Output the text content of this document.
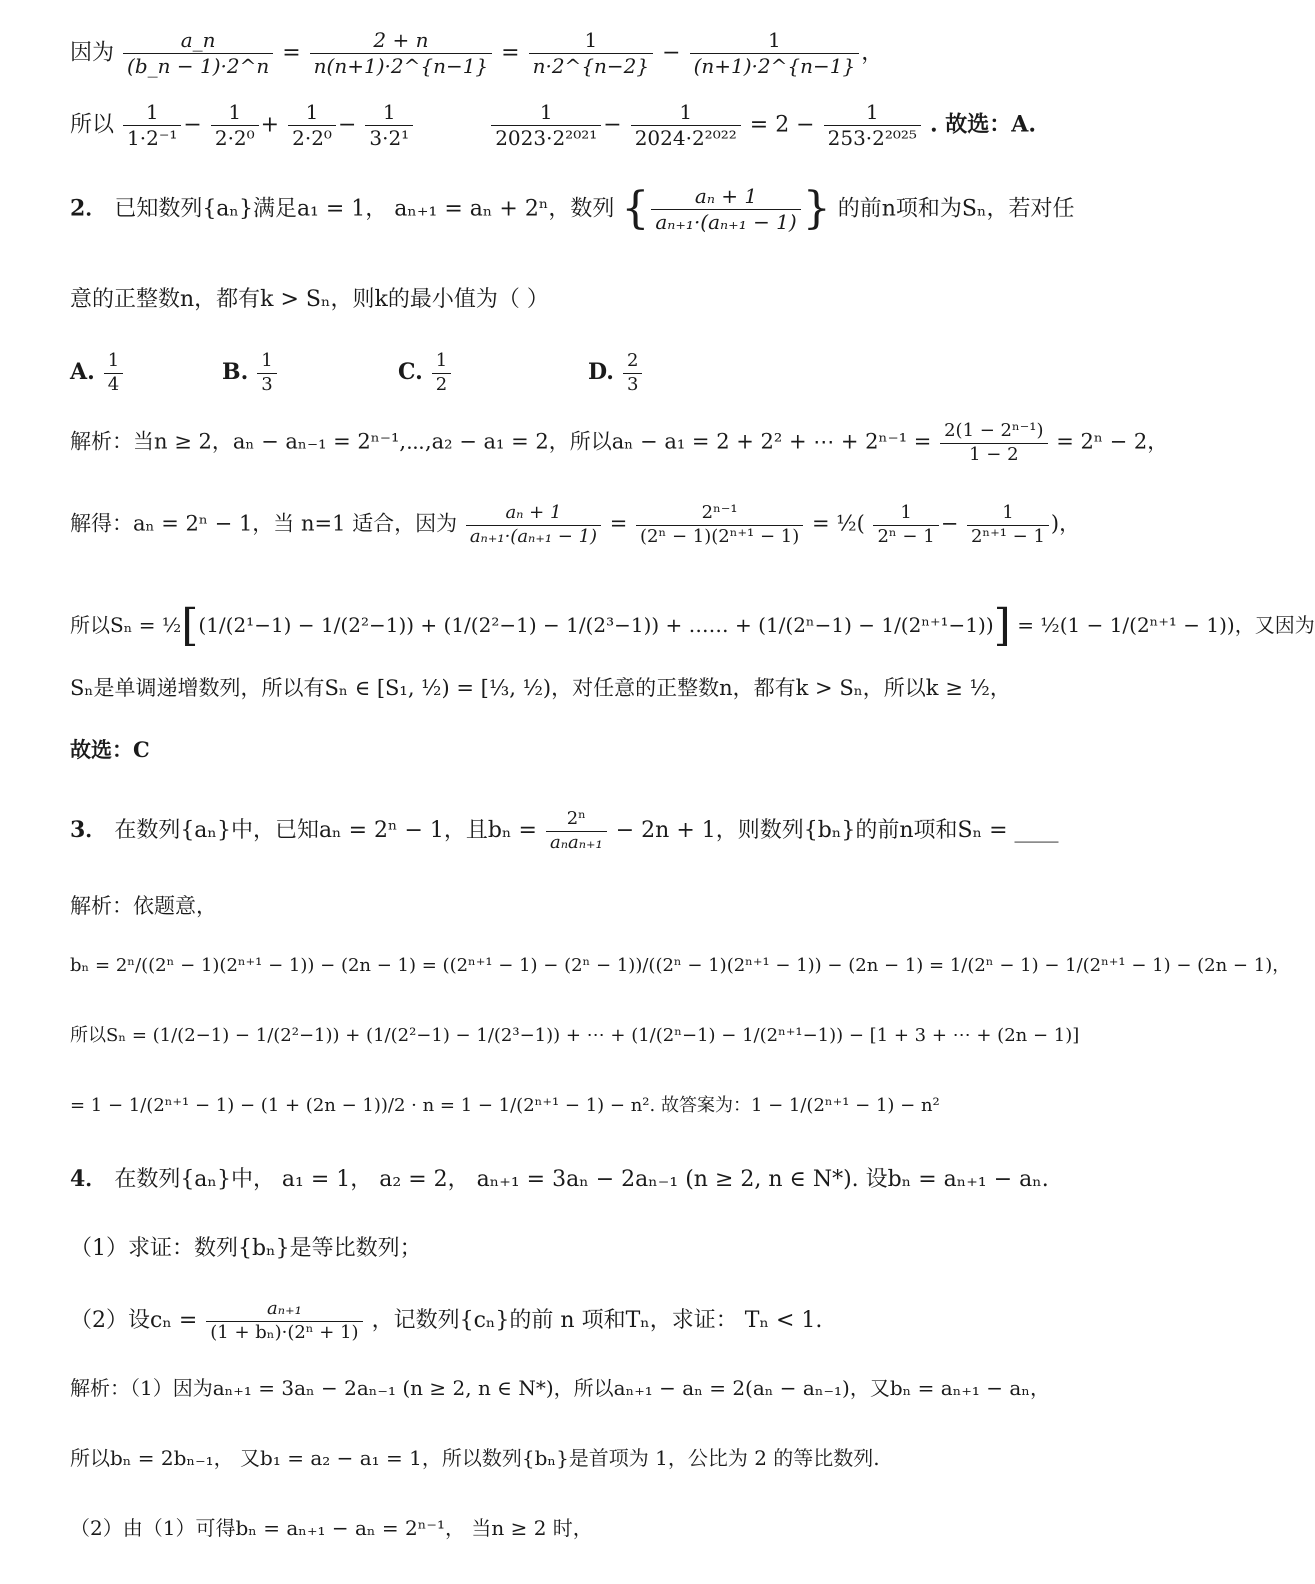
因为 $\frac{a\_n}{(b\_n - 1)\cdot 2\^{}n} = \frac{2 + n}{n(n+1)\cdot 2\^{}\{n-1\}} = \frac{1}{n\cdot 2\^{}\{n-2\}} - \frac{1}{(n+1)\cdot 2\^{}\{n-1\}}$ ，
所以 $\frac{1}{\text{1·2⁻¹}} - \frac{1}{\text{2·2⁰}} + \frac{1}{\text{2·2⁰}} - \frac{1}{\text{3·2¹}}$
	$\frac{1}{\text{2023·2²⁰²¹}} - \frac{1}{\text{2024·2²⁰²²}} = 2 - \frac{1}{\text{253·2²⁰²⁵}}$ . 故选：A.
2． 已知数列{aₙ}满足a₁ = 1， aₙ₊₁ = aₙ + 2ⁿ，数列 { $\frac{\text{aₙ + 1}}{\text{aₙ₊₁·(aₙ₊₁ − 1)}}$ } 的前n项和为Sₙ，若对任
意的正整数n，都有k > Sₙ，则k的最小值为（ ）
A. $\frac{1}{4}$	B. $\frac{1}{3}$	C. $\frac{1}{2}$	D. $\frac{2}{3}$
解析：当n ≥ 2，aₙ − aₙ₋₁ = 2ⁿ⁻¹,⋯,a₂ − a₁ = 2，所以aₙ − a₁ = 2 + 2² + ⋯ + $2^{n-1} = \frac{\text{2(1 − 2ⁿ⁻¹)}}{1 - 2} = 2^n - 2$，
解得：aₙ = 2ⁿ − 1，当 n=1 适合，因为 $\frac{\text{aₙ + 1}}{\text{aₙ₊₁·(aₙ₊₁ − 1)}} = \frac{\text{2ⁿ⁻¹}}{\text{(2ⁿ − 1)(2ⁿ⁺¹ − 1)}}$ = ½( $\frac{1}{\text{2ⁿ − 1}} - \frac{1}{\text{2ⁿ⁺¹ − 1}}$ )，
所以Sₙ = ½[(1/(2¹−1) − 1/(2²−1)) + (1/(2²−1) − 1/(2³−1)) + …… + (1/(2ⁿ−1) − 1/(2ⁿ⁺¹−1))] = ½(1 − 1/(2ⁿ⁺¹ − 1))，又因为
Sₙ是单调递增数列，所以有Sₙ ∈ [S₁, ½) = [⅓, ½)，对任意的正整数n，都有k > Sₙ，所以k ≥ ½，
故选：C
3． 在数列{aₙ}中，已知aₙ = 2ⁿ − 1，且$b_n = \frac{\text{2ⁿ}}{\text{aₙaₙ₊₁}} - 2n + 1$，则数列{bₙ}的前n项和Sₙ = ____
解析：依题意，
bₙ = 2ⁿ/((2ⁿ − 1)(2ⁿ⁺¹ − 1)) − (2n − 1) = ((2ⁿ⁺¹ − 1) − (2ⁿ − 1))/((2ⁿ − 1)(2ⁿ⁺¹ − 1)) − (2n − 1) = 1/(2ⁿ − 1) − 1/(2ⁿ⁺¹ − 1) − (2n − 1)，
所以Sₙ = (1/(2−1) − 1/(2²−1)) + (1/(2²−1) − 1/(2³−1)) + ⋯ + (1/(2ⁿ−1) − 1/(2ⁿ⁺¹−1)) − [1 + 3 + ⋯ + (2n − 1)]
= 1 − 1/(2ⁿ⁺¹ − 1) − (1 + (2n − 1))/2 · n = 1 − 1/(2ⁿ⁺¹ − 1) − n². 故答案为：1 − 1/(2ⁿ⁺¹ − 1) − n²
4． 在数列{aₙ}中， a₁ = 1， a₂ = 2， aₙ₊₁ = 3aₙ − 2aₙ₋₁ (n ≥ 2, n ∈ N*). 设bₙ = aₙ₊₁ − aₙ.
（1）求证：数列{bₙ}是等比数列；
（2）设$c_n = \frac{\text{aₙ₊₁}}{\text{(1 + bₙ)·(2ⁿ + 1)}}$ ，记数列{cₙ}的前 n 项和Tₙ，求证： Tₙ < 1.
解析：（1）因为aₙ₊₁ = 3aₙ − 2aₙ₋₁ (n ≥ 2, n ∈ N*)，所以aₙ₊₁ − aₙ = 2(aₙ − aₙ₋₁)，又bₙ = aₙ₊₁ − aₙ，
所以bₙ = 2bₙ₋₁， 又b₁ = a₂ − a₁ = 1，所以数列{bₙ}是首项为 1，公比为 2 的等比数列.
（2）由（1）可得bₙ = aₙ₊₁ − aₙ = 2ⁿ⁻¹， 当n ≥ 2 时，
